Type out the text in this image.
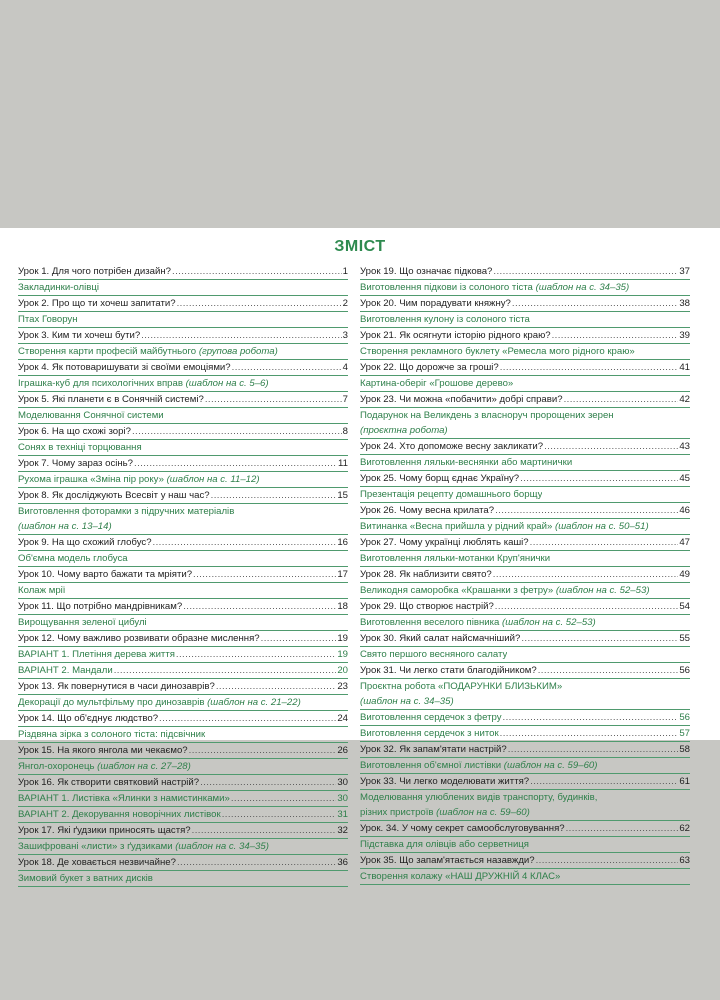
ЗМІСТ
Урок 1. Для чого потрібен дизайн? .....	1
Закладинки-олівці
Урок 2. Про що ти хочеш запитати? .....	2
Птах Говорун
Урок 3. Ким ти хочеш бути? .....	3
Створення карти професій майбутнього (групова робота)
Урок 4. Як потоваришувати зі своїми емоціями? .....	4
Іграшка-куб для психологічних вправ (шаблон на с. 5–6)
Урок 5. Які планети є в Сонячній системі? .....	7
Моделювання Сонячної системи
Урок 6. На що схожі зорі? .....	8
Сонях в техніці торцювання
Урок 7. Чому зараз осінь? .....	11
Рухома іграшка «Зміна пір року» (шаблон на с. 11–12)
Урок 8. Як досліджують Всесвіт у наш час? .....	15
Виготовлення фоторамки з підручних матеріалів
(шаблон на с. 13–14)
Урок 9. На що схожий глобус? .....	16
Об'ємна модель глобуса
Урок 10. Чому варто бажати та мріяти? .....	17
Колаж мрії
Урок 11. Що потрібно мандрівникам? .....	18
Вирощування зеленої цибулі
Урок 12. Чому важливо розвивати образне мислення? .....	19
ВАРІАНТ 1. Плетіння дерева життя .....	19
ВАРІАНТ 2. Мандали .....	20
Урок 13. Як повернутися в часи динозаврів? .....	23
Декорації до мультфільму про динозаврів (шаблон на с. 21–22)
Урок 14. Що об'єднує людство? .....	24
Різдвяна зірка з солоного тіста: підсвічник
Урок 15. На якого янгола ми чекаємо? .....	26
Янгол-охоронець (шаблон на с. 27–28)
Урок 16. Як створити святковий настрій? .....	30
ВАРІАНТ 1. Листівка «Ялинки з намистинками» .....	30
ВАРІАНТ 2. Декорування новорічних листівок .....	31
Урок 17. Які ґудзики приносять щастя? .....	32
Зашифровані «листи» з ґудзиками (шаблон на с. 34–35)
Урок 18. Де ховається незвичайне? .....	36
Зимовий букет з ватних дисків
Урок 19. Що означає підкова? .....	37
Виготовлення підкови із солоного тіста (шаблон на с. 34–35)
Урок 20. Чим порадувати княжну? .....	38
Виготовлення кулону із солоного тіста
Урок 21. Як осягнути історію рідного краю? .....	39
Створення рекламного буклету «Ремесла мого рідного краю»
Урок 22. Що дорожче за гроші? .....	41
Картина-оберіг «Грошове дерево»
Урок 23. Чи можна «побачити» добрі справи? .....	42
Подарунок на Великдень з власноруч пророщених зерен
(проєктна робота)
Урок 24. Хто допоможе весну закликати? .....	43
Виготовлення ляльки-веснянки або мартинички
Урок 25. Чому борщ єднає Україну? .....	45
Презентація рецепту домашнього борщу
Урок 26. Чому весна крилата? .....	46
Витинанка «Весна прийшла у рідний край» (шаблон на с. 50–51)
Урок 27. Чому українці люблять каші? .....	47
Виготовлення ляльки-мотанки Круп'янички
Урок 28. Як наблизити свято? .....	49
Великодня саморобка «Крашанки з фетру» (шаблон на с. 52–53)
Урок 29. Що створює настрій? .....	54
Виготовлення веселого півника (шаблон на с. 52–53)
Урок 30. Який салат найсмачніший? .....	55
Свято першого весняного салату
Урок 31. Чи легко стати благодійником? .....	56
Проєктна робота «ПОДАРУНКИ БЛИЗЬКИМ»
(шаблон на с. 34–35)
Виготовлення сердечок з фетру .....	56
Виготовлення сердечок з ниток .....	57
Урок 32. Як запам'ятати настрій? .....	58
Виготовлення об'ємної листівки (шаблон на с. 59–60)
Урок 33. Чи легко моделювати життя? .....	61
Моделювання улюблених видів транспорту, будинків,
різних пристроїв (шаблон на с. 59–60)
Урок. 34. У чому секрет самообслуговування? .....	62
Підставка для олівців або серветниця
Урок 35. Що запам'ятається назавжди? .....	63
Створення колажу «НАШ ДРУЖНІЙ 4 КЛАС»
